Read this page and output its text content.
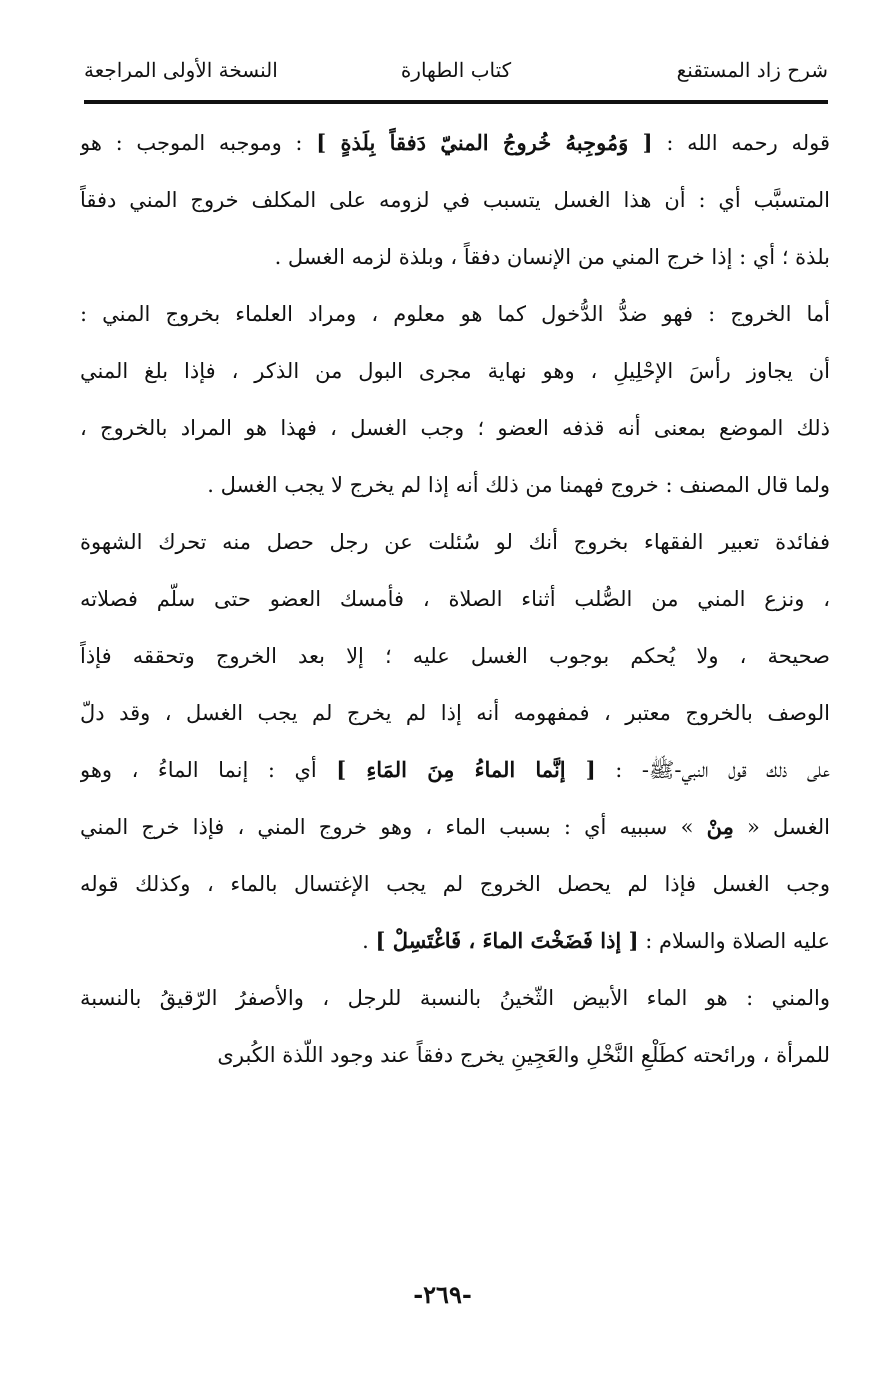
شرح زاد المستقنع
كتاب الطهارة
النسخة الأولى المراجعة
قوله رحمه الله : [ وَمُوجِبهُ خُروجُ المنيّ دَفقاً بِلَذةٍ ] : وموجبه الموجب : هو
المتسبَّب أي : أن هذا الغسل يتسبب في لزومه على المكلف خروج المني دفقاً
بلذة ؛ أي : إذا خرج المني من الإنسان دفقاً ، وبلذة لزمه الغسل .
أما الخروج : فهو ضدُّ الدُّخول كما هو معلوم ، ومراد العلماء بخروج المني :
أن يجاوز رأسَ الإحْلِيلِ ، وهو نهاية مجرى البول من الذكر ، فإذا بلغ المني
ذلك الموضع بمعنى أنه قذفه العضو ؛ وجب الغسل ، فهذا هو المراد بالخروج ،
ولما قال المصنف : خروج فهمنا من ذلك أنه إذا لم يخرج لا يجب الغسل .
ففائدة تعبير الفقهاء بخروج أنك لو سُئلت عن رجل حصل منه تحرك الشهوة
، ونزع المني من الصُّلب أثناء الصلاة ، فأمسك العضو حتى سلّم فصلاته
صحيحة ، ولا يُحكم بوجوب الغسل عليه ؛ إلا بعد الخروج وتحققه فإذاً
الوصف بالخروج معتبر ، فمفهومه أنه إذا لم يخرج لم يجب الغسل ، وقد دلّ
على ذلك قول النبي-ﷺ- : [ إنَّما الماءُ مِنَ المَاءِ ] أي : إنما الماءُ ، وهو
الغسل « مِنْ » سببيه أي : بسبب الماء ، وهو خروج المني ، فإذا خرج المني
وجب الغسل فإذا لم يحصل الخروج لم يجب الإغتسال بالماء ، وكذلك قوله
عليه الصلاة والسلام : [ إذا فَضَخْتَ الماءَ ، فَاغْتَسِلْ ] .
والمني : هو الماء الأبيض الثّخينُ بالنسبة للرجل ، والأصفرُ الرّقيقُ بالنسبة
للمرأة ، ورائحته كطَلْعِ النَّخْلِ والعَجِينِ يخرج دفقاً عند وجود اللّذة الكُبرى
-٢٦٩-
